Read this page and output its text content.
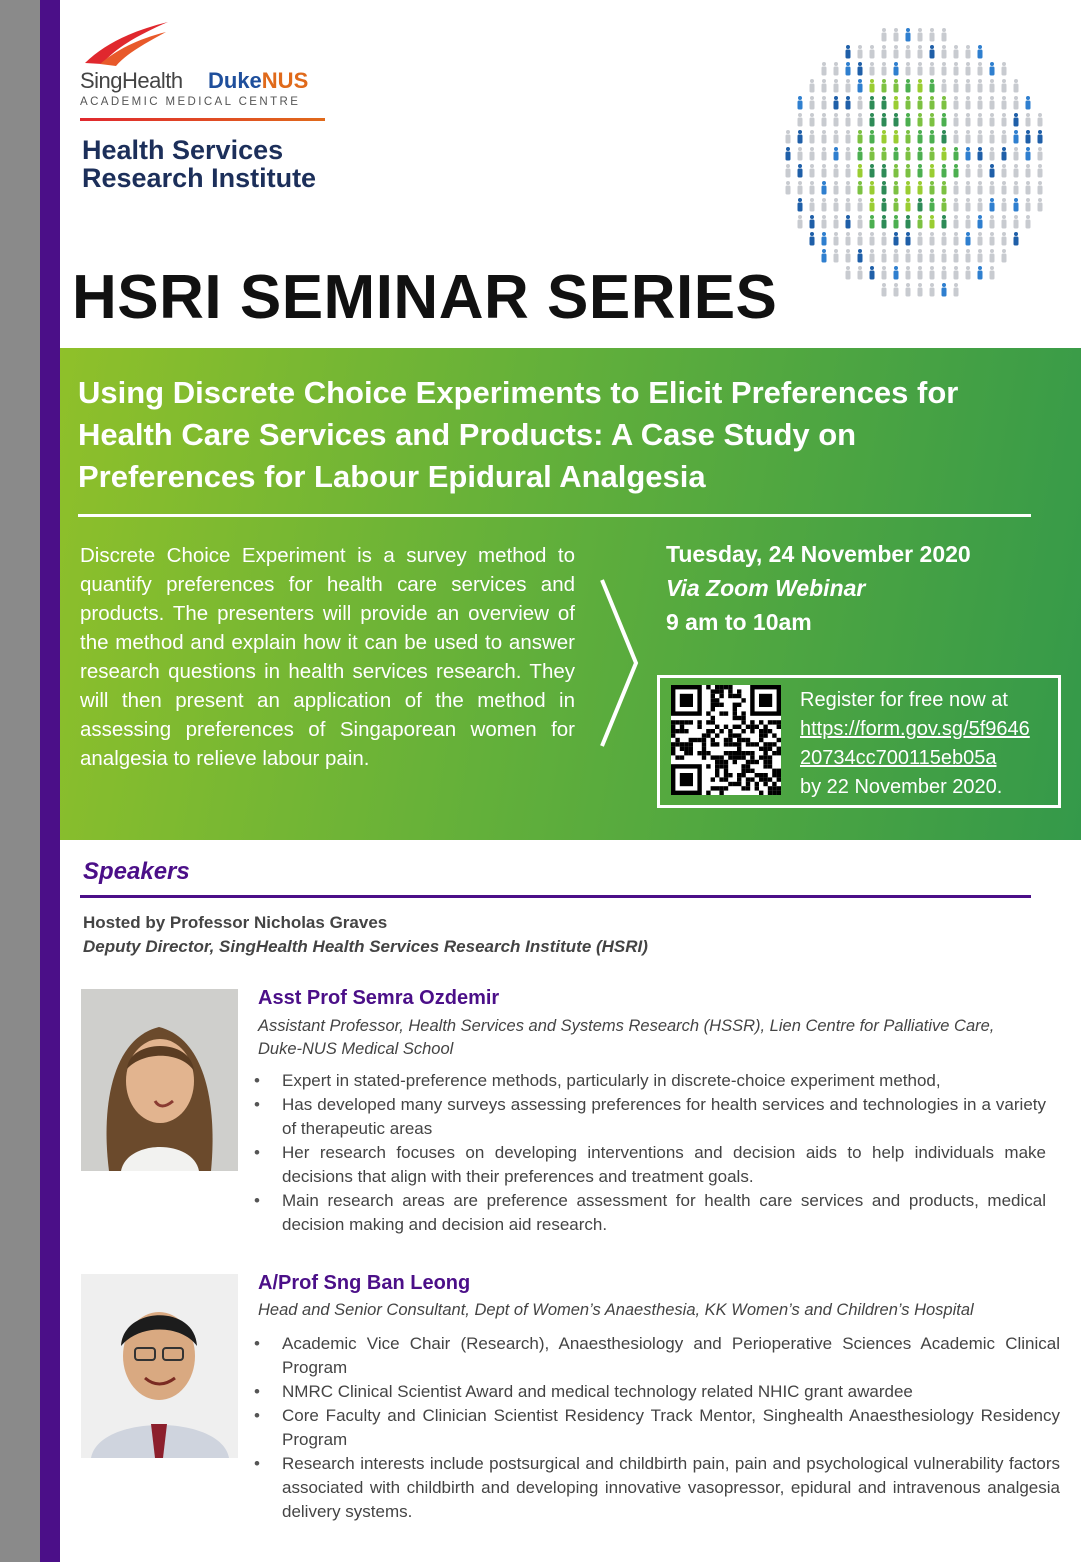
SingHealth DukeNUS
ACADEMIC MEDICAL CENTRE
Health Services
Research Institute
HSRI SEMINAR SERIES
Using Discrete Choice Experiments to Elicit Preferences for Health Care Services and Products: A Case Study on Preferences for Labour Epidural Analgesia
Discrete Choice Experiment is a survey method to quantify preferences for health care services and products. The presenters will provide an overview of the method and explain how it can be used to answer research questions in health services research. They will then present an application of the method in assessing preferences of Singaporean women for analgesia to relieve labour pain.
Tuesday, 24 November 2020
Via Zoom Webinar
9 am to 10am
Register for free now at
https://form.gov.sg/5f9646
20734cc700115eb05a
by 22 November 2020.
Speakers
Hosted by Professor Nicholas Graves
Deputy Director, SingHealth Health Services Research Institute (HSRI)
Asst Prof Semra Ozdemir
Assistant Professor, Health Services and Systems Research (HSSR), Lien Centre for Palliative Care, Duke-NUS Medical School
• Expert in stated-preference methods, particularly in discrete-choice experiment method,
• Has developed many surveys assessing preferences for health services and technologies in a variety of therapeutic areas
• Her research focuses on developing interventions and decision aids to help individuals make decisions that align with their preferences and treatment goals.
• Main research areas are preference assessment for health care services and products, medical decision making and decision aid research.
A/Prof Sng Ban Leong
Head and Senior Consultant, Dept of Women’s Anaesthesia, KK Women’s and Children’s Hospital
• Academic Vice Chair (Research), Anaesthesiology and Perioperative Sciences Academic Clinical Program
• NMRC Clinical Scientist Award and medical technology related NHIC grant awardee
• Core Faculty and Clinician Scientist Residency Track Mentor, Singhealth Anaesthesiology Residency Program
• Research interests include postsurgical and childbirth pain, pain and psychological vulnerability factors associated with childbirth and developing innovative vasopressor, epidural and intravenous analgesia delivery systems.
